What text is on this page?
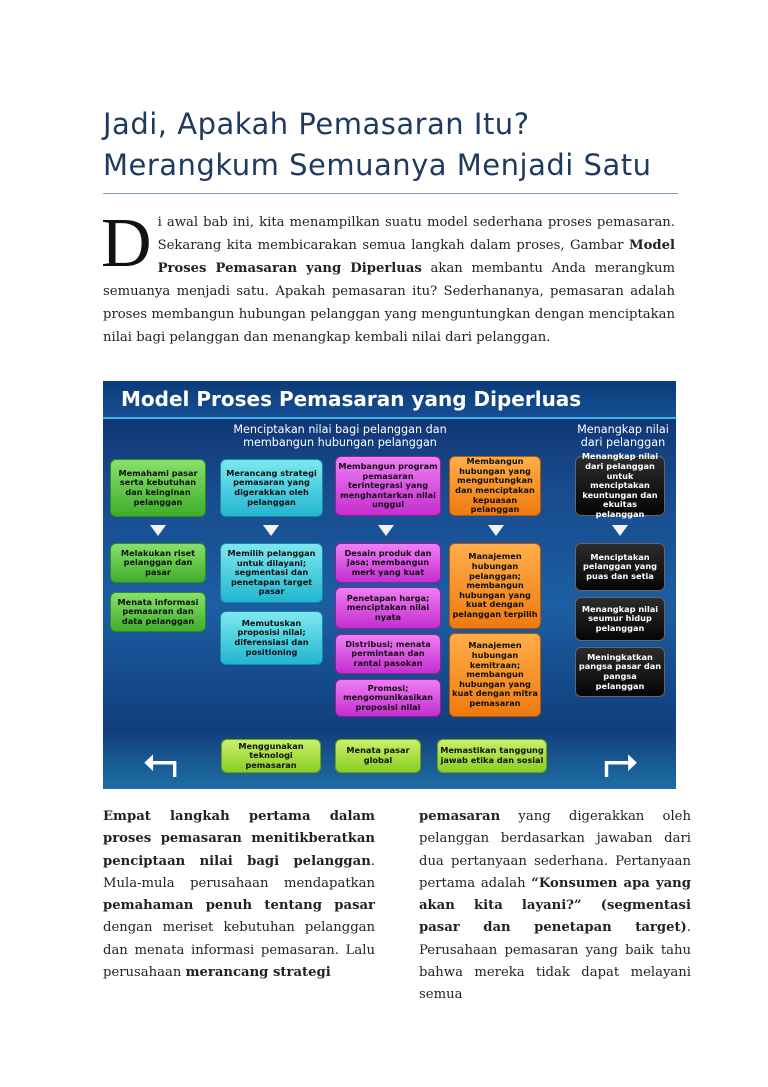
Jadi, Apakah Pemasaran Itu?
Merangkum Semuanya Menjadi Satu
Di awal bab ini, kita menampilkan suatu model sederhana proses pemasaran. Sekarang kita membicarakan semua langkah dalam proses, Gambar Model Proses Pemasaran yang Diperluas akan membantu Anda merangkum semuanya menjadi satu. Apakah pemasaran itu? Sederhananya, pemasaran adalah proses membangun hubungan pelanggan yang menguntungkan dengan menciptakan nilai bagi pelanggan dan menangkap kembali nilai dari pelanggan.
Model Proses Pemasaran yang Diperluas
Menciptakan nilai bagi pelanggan dan membangun hubungan pelanggan
Menangkap nilai dari pelanggan
Memahami pasar serta kebutuhan dan keinginan pelanggan
Merancang strategi pemasaran yang digerakkan oleh pelanggan
Membangun program pemasaran terintegrasi yang menghantarkan nilai unggul
Membangun hubungan yang menguntungkan dan menciptakan kepuasan pelanggan
Menangkap nilai dari pelanggan untuk menciptakan keuntungan dan ekuitas pelanggan
Melakukan riset pelanggan dan pasar
Menata informasi pemasaran dan data pelanggan
Memilih pelanggan untuk dilayani; segmentasi dan penetapan target pasar
Memutuskan proposisi nilai; diferensiasi dan positioning
Desain produk dan jasa; membangun merk yang kuat
Penetapan harga; menciptakan nilai nyata
Distribusi; menata permintaan dan rantai pasokan
Promosi; mengomunikasikan proposisi nilai
Manajemen hubungan pelanggan; membangun hubungan yang kuat dengan pelanggan terpilih
Manajemen hubungan kemitraan; membangun hubungan yang kuat dengan mitra pemasaran
Menciptakan pelanggan yang puas dan setia
Menangkap nilai seumur hidup pelanggan
Meningkatkan pangsa pasar dan pangsa pelanggan
⮢	⮣
Menggunakan teknologi pemasaran
Menata pasar global
Memastikan tanggung jawab etika dan sosial
Empat langkah pertama dalam proses pemasaran menitikberatkan penciptaan nilai bagi pelanggan. Mula-mula perusahaan mendapatkan pemahaman penuh tentang pasar dengan meriset kebutuhan pelanggan dan menata informasi pemasaran. Lalu perusahaan merancang strategi
pemasaran yang digerakkan oleh pelanggan berdasarkan jawaban dari dua pertanyaan sederhana. Pertanyaan pertama adalah “Konsumen apa yang akan kita layani?” (segmentasi pasar dan penetapan target). Perusahaan pemasaran yang baik tahu bahwa mereka tidak dapat melayani semua
